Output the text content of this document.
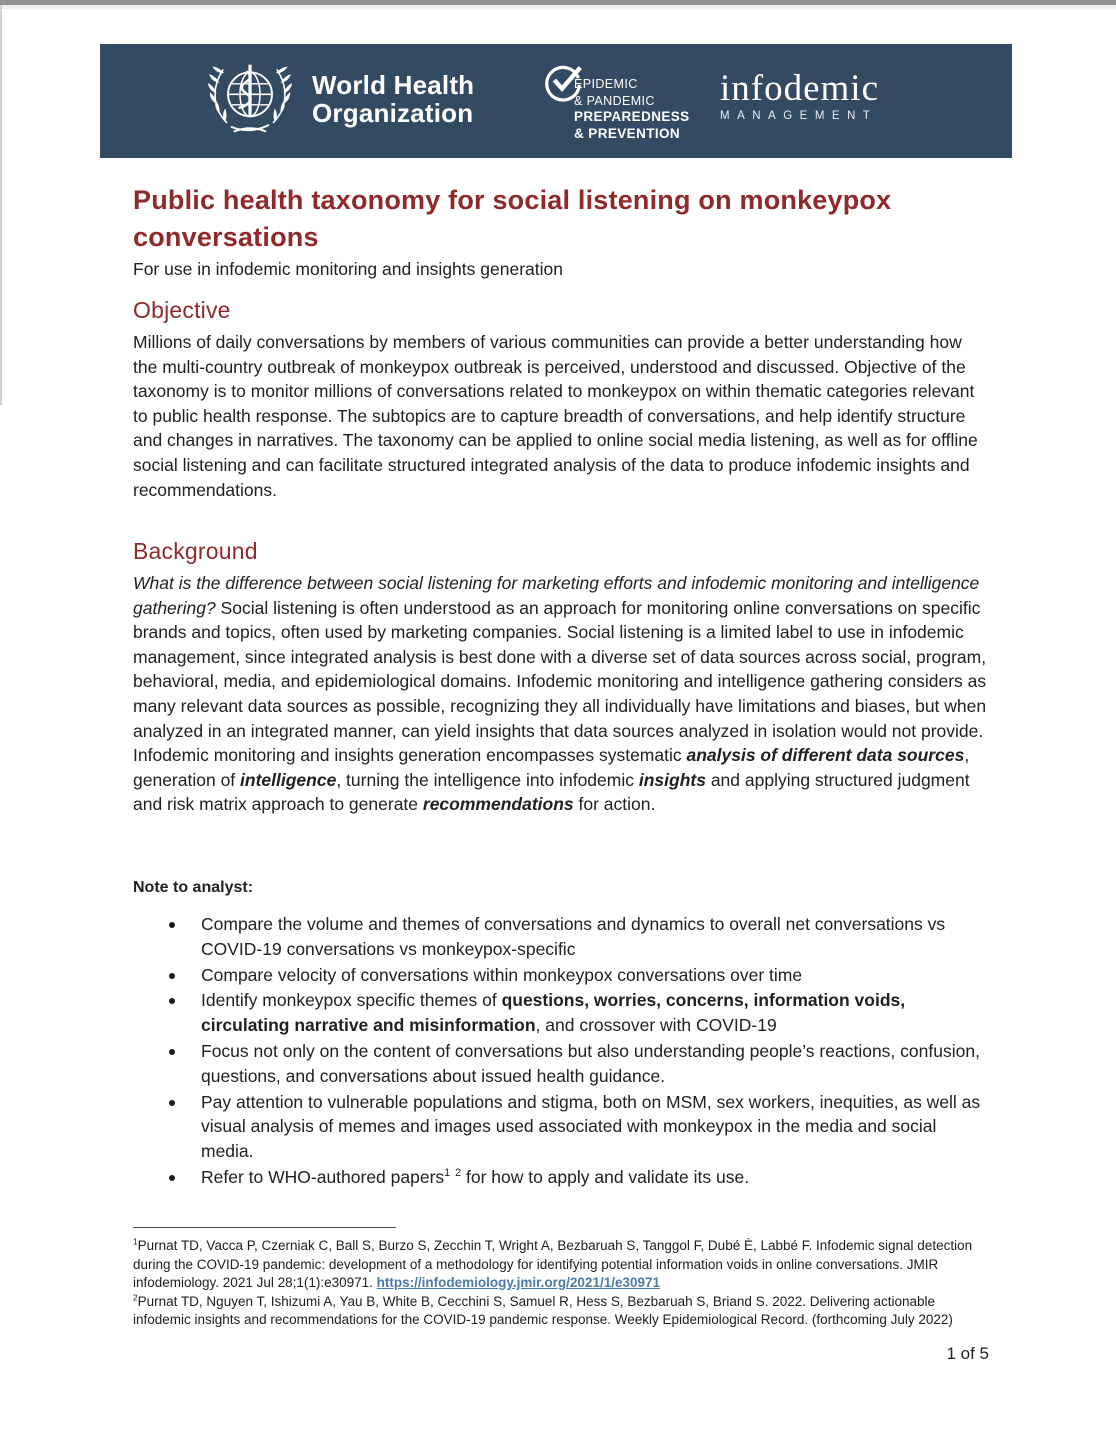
World Health
Organization
EPIDEMIC
& PANDEMIC
PREPAREDNESS
& PREVENTION
infodemic
MANAGEMENT
Public health taxonomy for social listening on monkeypox conversations
For use in infodemic monitoring and insights generation
Objective

Millions of daily conversations by members of various communities can provide a better understanding how the multi-country outbreak of monkeypox outbreak is perceived, understood and discussed. Objective of the taxonomy is to monitor millions of conversations related to monkeypox on within thematic categories relevant to public health response. The subtopics are to capture breadth of conversations, and help identify structure and changes in narratives. The taxonomy can be applied to online social media listening, as well as for offline social listening and can facilitate structured integrated analysis of the data to produce infodemic insights and recommendations.

Background

What is the difference between social listening for marketing efforts and infodemic monitoring and intelligence gathering? Social listening is often understood as an approach for monitoring online conversations on specific brands and topics, often used by marketing companies. Social listening is a limited label to use in infodemic management, since integrated analysis is best done with a diverse set of data sources across social, program, behavioral, media, and epidemiological domains. Infodemic monitoring and intelligence gathering considers as many relevant data sources as possible, recognizing they all individually have limitations and biases, but when analyzed in an integrated manner, can yield insights that data sources analyzed in isolation would not provide. Infodemic monitoring and insights generation encompasses systematic analysis of different data sources, generation of intelligence, turning the intelligence into infodemic insights and applying structured judgment and risk matrix approach to generate recommendations for action.

Note to analyst:
Compare the volume and themes of conversations and dynamics to overall net conversations vs COVID-19 conversations vs monkeypox-specific
Compare velocity of conversations within monkeypox conversations over time
Identify monkeypox specific themes of questions, worries, concerns, information voids, circulating narrative and misinformation, and crossover with COVID-19
Focus not only on the content of conversations but also understanding people’s reactions, confusion, questions, and conversations about issued health guidance.
Pay attention to vulnerable populations and stigma, both on MSM, sex workers, inequities, as well as visual analysis of memes and images used associated with monkeypox in the media and social media.
Refer to WHO-authored papers$^1$ $^2$ for how to apply and validate its use.

$^1$Purnat TD, Vacca P, Czerniak C, Ball S, Burzo S, Zecchin T, Wright A, Bezbaruah S, Tanggol F, Dubé È, Labbé F. Infodemic signal detection during the COVID-19 pandemic: development of a methodology for identifying potential information voids in online conversations. JMIR infodemiology. 2021 Jul 28;1(1):e30971. https://infodemiology.jmir.org/2021/1/e30971

$^2$Purnat TD, Nguyen T, Ishizumi A, Yau B, White B, Cecchini S, Samuel R, Hess S, Bezbaruah S, Briand S. 2022. Delivering actionable infodemic insights and recommendations for the COVID-19 pandemic response. Weekly Epidemiological Record. (forthcoming July 2022)

1 of 5
